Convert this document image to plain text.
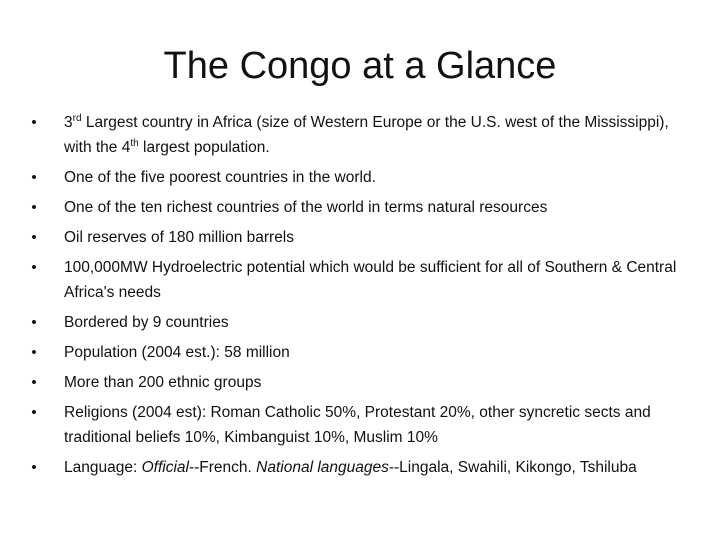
The Congo at a Glance
• 3rd Largest country in Africa (size of Western Europe or the U.S. west of the Mississippi), with the 4th largest population.
• One of the five poorest countries in the world.
• One of the ten richest countries of the world in terms natural resources
• Oil reserves of 180 million barrels
• 100,000MW Hydroelectric potential which would be sufficient for all of Southern & Central Africa's needs
• Bordered by 9 countries
• Population (2004 est.): 58 million
• More than 200 ethnic groups
• Religions (2004 est): Roman Catholic 50%, Protestant 20%, other syncretic sects and traditional beliefs 10%, Kimbanguist 10%, Muslim 10%
• Language: Official--French. National languages--Lingala, Swahili, Kikongo, Tshiluba
